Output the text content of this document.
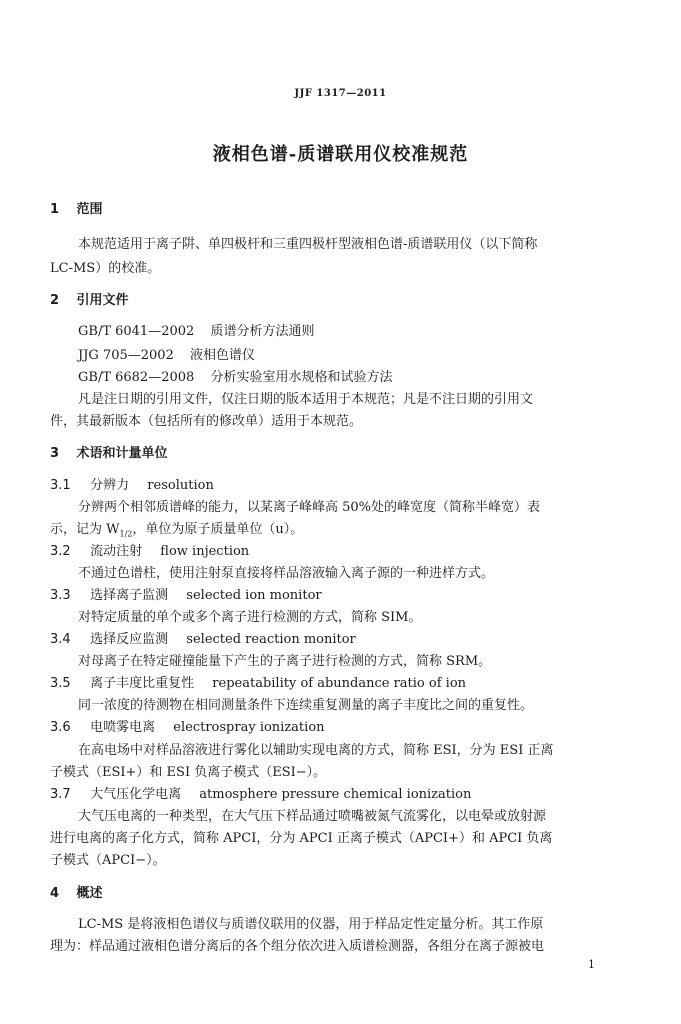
JJF 1317—2011
液相色谱-质谱联用仪校准规范
1 范围
本规范适用于离子阱、单四极杆和三重四极杆型液相色谱-质谱联用仪（以下简称
LC-MS）的校准。
2 引用文件
GB/T 6041—2002 质谱分析方法通则
JJG 705—2002 液相色谱仪
GB/T 6682—2008 分析实验室用水规格和试验方法
凡是注日期的引用文件，仅注日期的版本适用于本规范；凡是不注日期的引用文
件，其最新版本（包括所有的修改单）适用于本规范。
3 术语和计量单位
3.1 分辨力 resolution
分辨两个相邻质谱峰的能力，以某离子峰峰高 50%处的峰宽度（简称半峰宽）表
示，记为 $W_{1/2}$，单位为原子质量单位（u）。
3.2 流动注射 flow injection
不通过色谱柱，使用注射泵直接将样品溶液输入离子源的一种进样方式。
3.3 选择离子监测 selected ion monitor
对特定质量的单个或多个离子进行检测的方式，简称 SIM。
3.4 选择反应监测 selected reaction monitor
对母离子在特定碰撞能量下产生的子离子进行检测的方式，简称 SRM。
3.5 离子丰度比重复性 repeatability of abundance ratio of ion
同一浓度的待测物在相同测量条件下连续重复测量的离子丰度比之间的重复性。
3.6 电喷雾电离 electrospray ionization
在高电场中对样品溶液进行雾化以辅助实现电离的方式，简称 ESI，分为 ESI 正离
子模式（ESI+）和 ESI 负离子模式（ESI−）。
3.7 大气压化学电离 atmosphere pressure chemical ionization
大气压电离的一种类型，在大气压下样品通过喷嘴被氮气流雾化，以电晕或放射源
进行电离的离子化方式，简称 APCI，分为 APCI 正离子模式（APCI+）和 APCI 负离
子模式（APCI−）。
4 概述
LC-MS 是将液相色谱仪与质谱仪联用的仪器，用于样品定性定量分析。其工作原
理为：样品通过液相色谱分离后的各个组分依次进入质谱检测器，各组分在离子源被电
1
